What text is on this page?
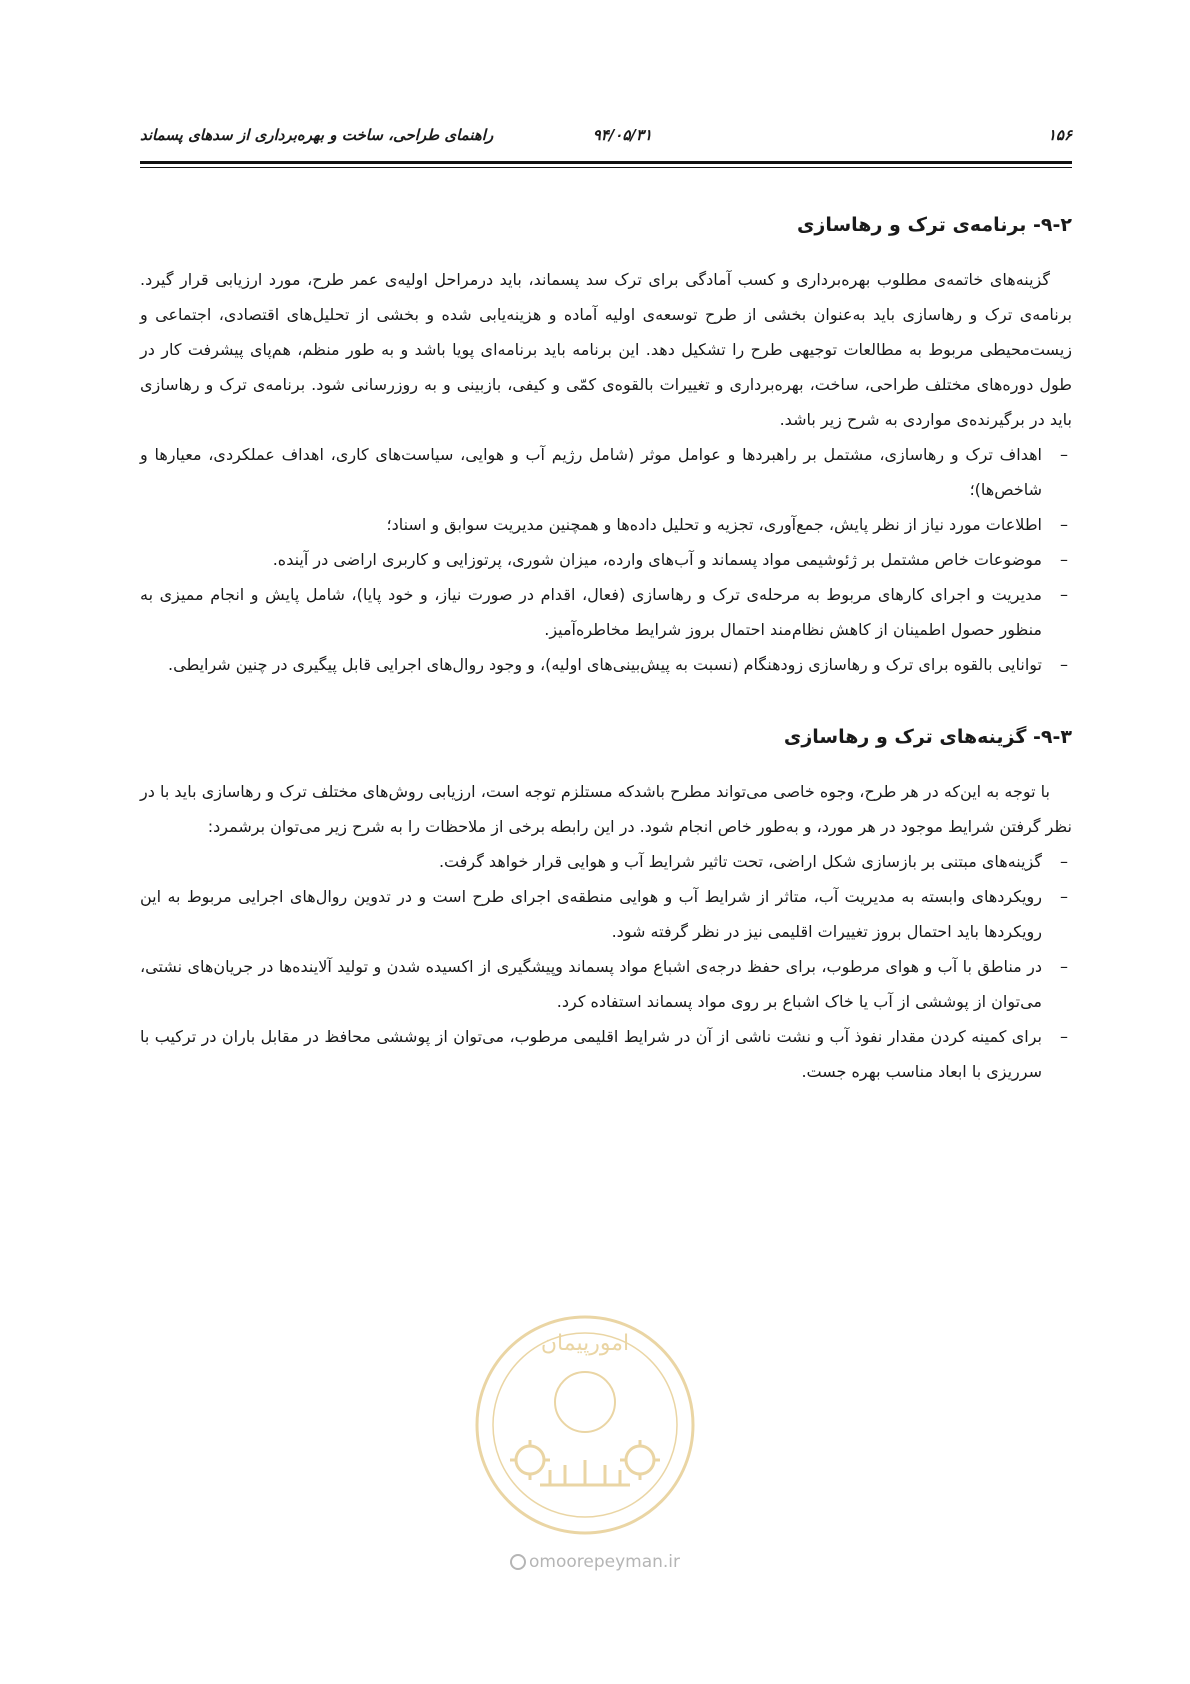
۱۵۶
۹۴/۰۵/۳۱
راهنمای طراحی، ساخت و بهره‌برداری از سدهای پسماند
۹-۲- برنامه‌ی ترک و رهاسازی

گزینه‌های خاتمه‌ی مطلوب بهره‌برداری و کسب آمادگی برای ترک سد پسماند، باید درمراحل اولیه‌ی عمر طرح، مورد ارزیابی قرار گیرد. برنامه‌ی ترک و رهاسازی باید به‌عنوان بخشی از طرح توسعه‌ی اولیه آماده و هزینه‌یابی شده و بخشی از تحلیل‌های اقتصادی، اجتماعی و زیست‌محیطی مربوط به مطالعات توجیهی طرح را تشکیل دهد. این برنامه باید برنامه‌ای پویا باشد و به طور منظم، هم‌پای پیشرفت کار در طول دوره‌های مختلف طراحی، ساخت، بهره‌برداری و تغییرات بالقوه‌ی کمّی و کیفی، بازبینی و به روزرسانی شود. برنامه‌ی ترک و رهاسازی باید در برگیرنده‌ی مواردی به شرح زیر باشد.

–
اهداف ترک و رهاسازی، مشتمل بر راهبردها و عوامل موثر (شامل رژیم آب و هوایی، سیاست‌های کاری، اهداف عملکردی، معیارها و شاخص‌ها)؛
–
اطلاعات مورد نیاز از نظر پایش، جمع‌آوری، تجزیه و تحلیل داده‌ها و همچنین مدیریت سوابق و اسناد؛
–
موضوعات خاص مشتمل بر ژئوشیمی مواد پسماند و آب‌های وارده، میزان شوری، پرتوزایی و کاربری اراضی در آینده.
–
مدیریت و اجرای کارهای مربوط به مرحله‌ی ترک و رهاسازی (فعال، اقدام در صورت نیاز، و خود پایا)، شامل پایش و انجام ممیزی به منظور حصول اطمینان از کاهش نظام‌مند احتمال بروز شرایط مخاطره‌آمیز.
–
توانایی بالقوه برای ترک و رهاسازی زودهنگام (نسبت به پیش‌بینی‌های اولیه)، و وجود روال‌های اجرایی قابل پیگیری در چنین شرایطی.
۹-۳- گزینه‌های ترک و رهاسازی

با توجه به این‌که در هر طرح، وجوه خاصی می‌تواند مطرح باشدکه مستلزم توجه است، ارزیابی روش‌های مختلف ترک و رهاسازی باید با در نظر گرفتن شرایط موجود در هر مورد، و به‌طور خاص انجام شود. در این رابطه برخی از ملاحظات را به شرح زیر می‌توان برشمرد:

–
گزینه‌های مبتنی بر بازسازی شکل اراضی، تحت تاثیر شرایط آب و هوایی قرار خواهد گرفت.
–
رویکردهای وابسته به مدیریت آب، متاثر از شرایط آب و هوایی منطقه‌ی اجرای طرح است و در تدوین روال‌های اجرایی مربوط به این رویکردها باید احتمال بروز تغییرات اقلیمی نیز در نظر گرفته شود.
–
در مناطق با آب و هوای مرطوب، برای حفظ درجه‌ی اشباع مواد پسماند وپیشگیری از اکسیده شدن و تولید آلاینده‌ها در جریان‌های نشتی، می‌توان از پوششی از آب یا خاک اشباع بر روی مواد پسماند استفاده کرد.
–
برای کمینه کردن مقدار نفوذ آب و نشت ناشی از آن در شرایط اقلیمی مرطوب، می‌توان از پوششی محافظ در مقابل باران در ترکیب با سرریزی با ابعاد مناسب بهره جست.
امورپیمان
omoorepeyman.ir
